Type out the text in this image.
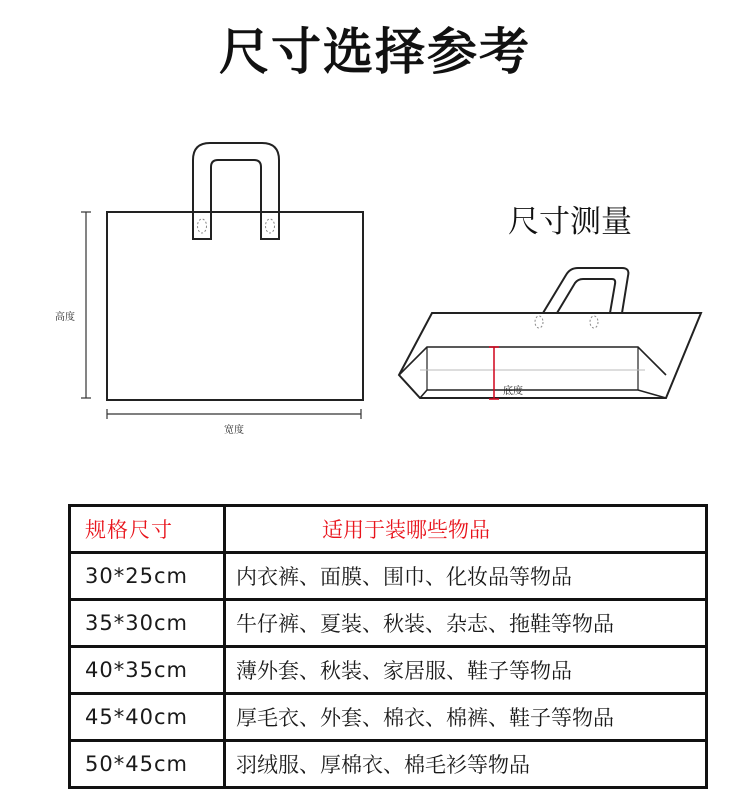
尺寸选择参考
高度
宽度
底度
尺寸测量
规格尺寸	适用于装哪些物品
30*25cm	内衣裤、面膜、围巾、化妆品等物品
35*30cm	牛仔裤、夏装、秋装、杂志、拖鞋等物品
40*35cm	薄外套、秋装、家居服、鞋子等物品
45*40cm	厚毛衣、外套、棉衣、棉裤、鞋子等物品
50*45cm	羽绒服、厚棉衣、棉毛衫等物品
